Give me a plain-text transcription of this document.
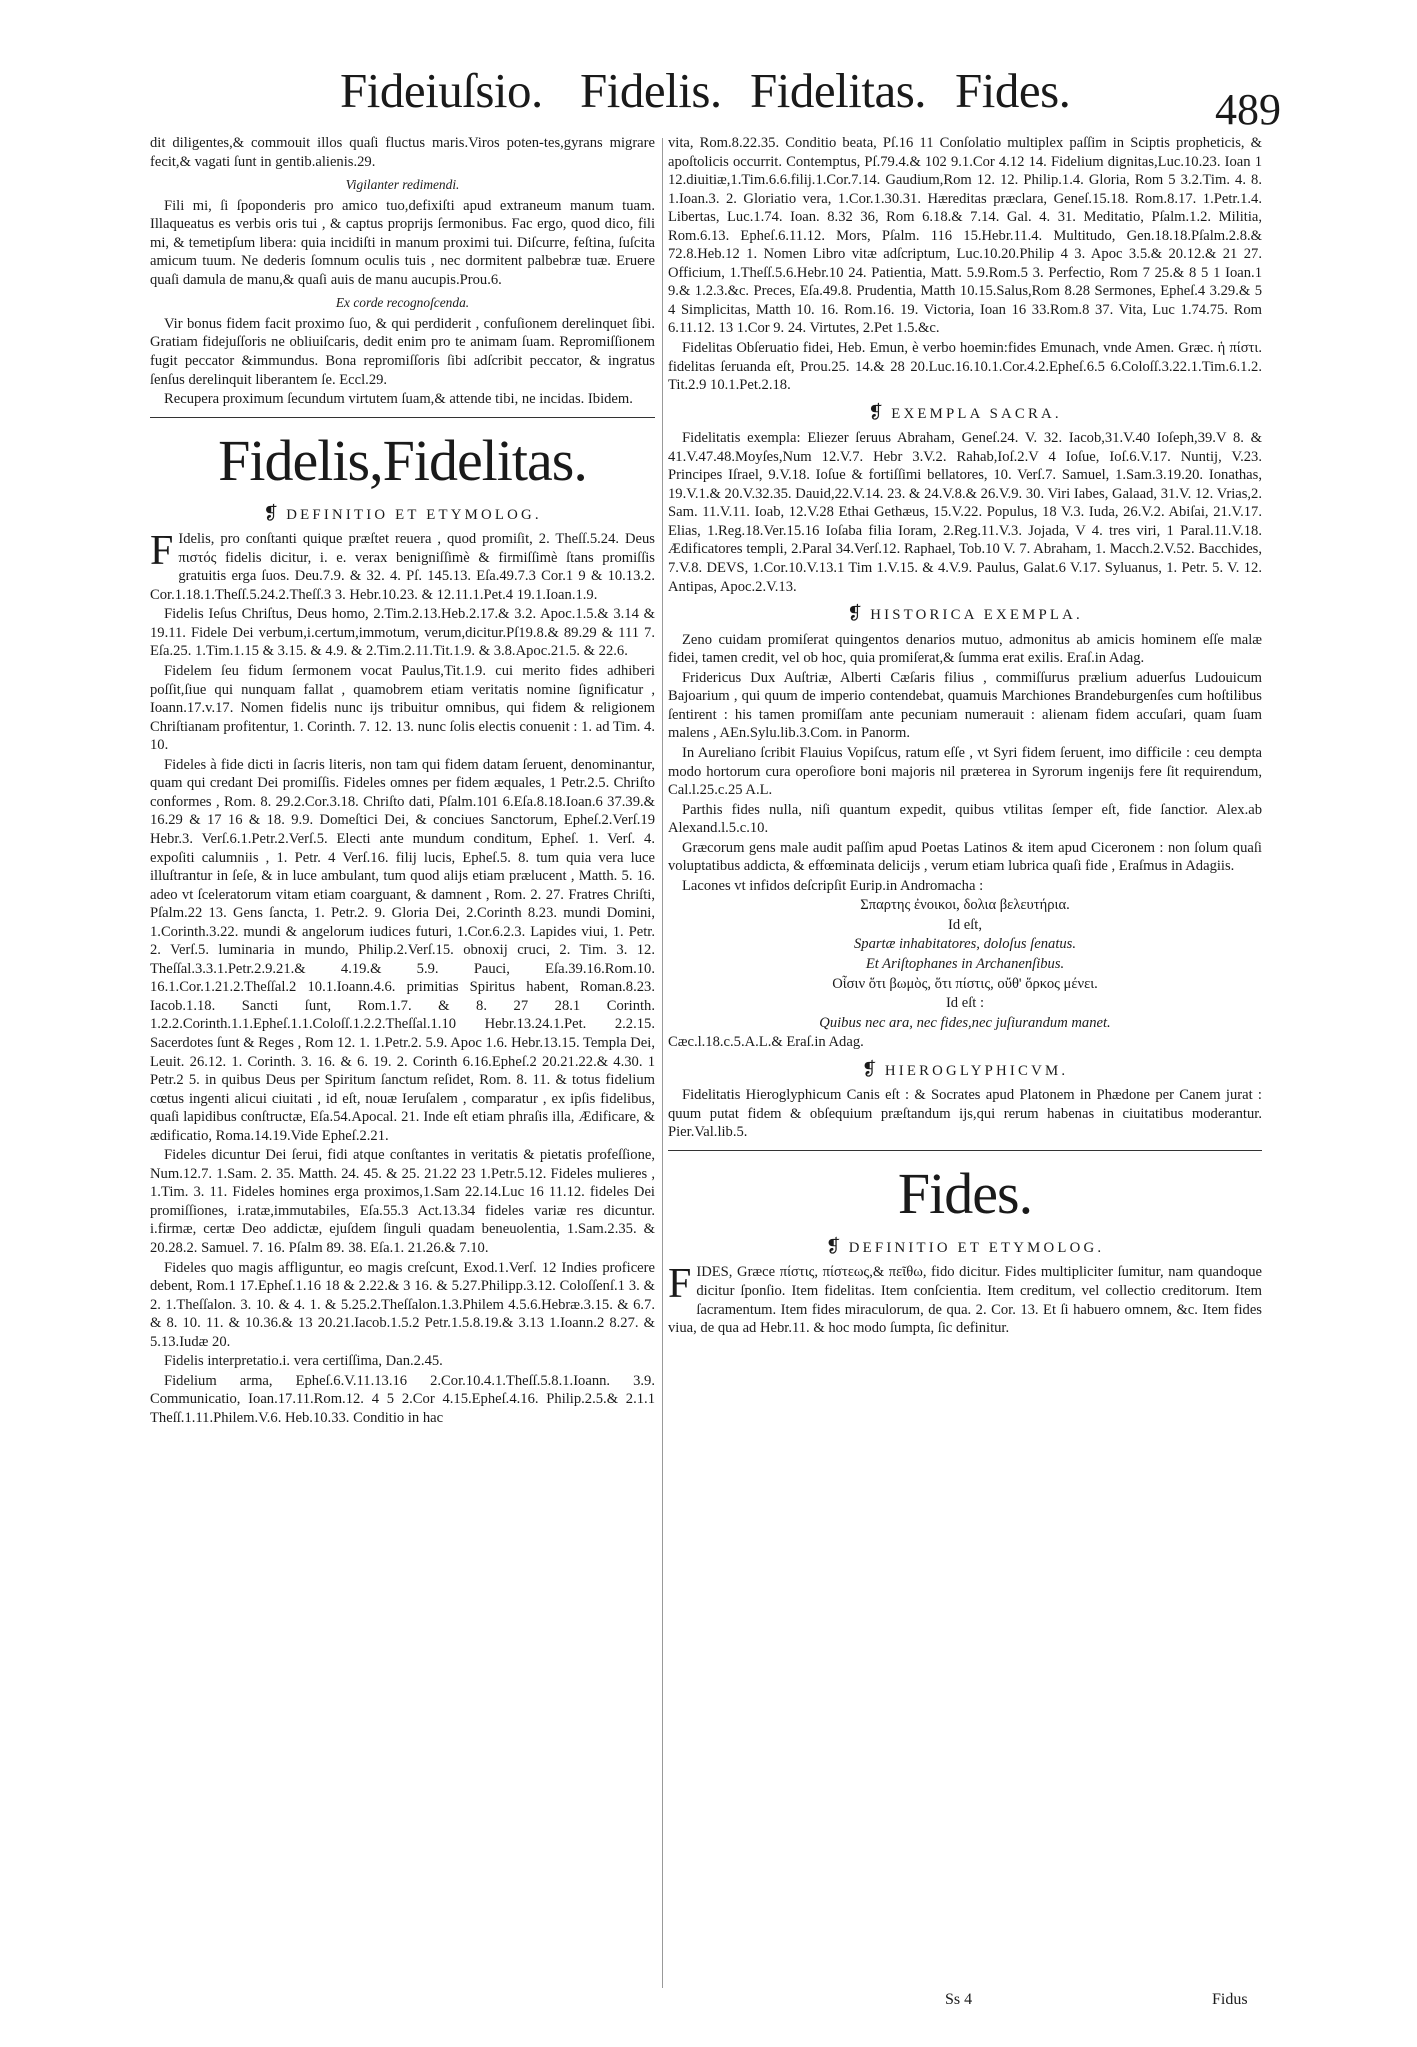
Fideiuſsio. Fidelis. Fidelitas. Fides.	489

dit diligentes,& commouit illos quaſi fluctus maris.Viros poten-tes,gyrans migrare fecit,& vagati ſunt in gentib.alienis.29.

Vigilanter redimendi.

Fili mi, ſi ſpoponderis pro amico tuo,defixiſti apud extraneum manum tuam. Illaqueatus es verbis oris tui , & captus proprijs ſermonibus. Fac ergo, quod dico, fili mi, & temetipſum libera: quia incidiſti in manum proximi tui. Diſcurre, feſtina, ſuſcita amicum tuum. Ne dederis ſomnum oculis tuis , nec dormitent palbebræ tuæ. Eruere quaſi damula de manu,& quaſi auis de manu aucupis.Prou.6.

Ex corde recognoſcenda.

Vir bonus fidem facit proximo ſuo, & qui perdiderit , confuſionem derelinquet ſibi. Gratiam fidejuſſoris ne obliuiſcaris, dedit enim pro te animam ſuam. Repromiſſionem fugit peccator &immundus. Bona repromiſſoris ſibi adſcribit peccator, & ingratus ſenſus derelinquit liberantem ſe. Eccl.29.

Recupera proximum ſecundum virtutem ſuam,& attende tibi, ne incidas. Ibidem.

Fidelis,Fidelitas.
❡ DEFINITIO ET ETYMOLOG.
F Idelis, pro conſtanti quique præſtet reuera , quod promiſit, 2. Theſſ.5.24. Deus πιστός fidelis dicitur, i. e. verax benigniſſimè & firmiſſimè ſtans promiſſis gratuitis erga ſuos. Deu.7.9. & 32. 4. Pſ. 145.13. Eſa.49.7.3 Cor.1 9 & 10.13.2. Cor.1.18.1.Theſſ.5.24.2.Theſſ.3 3. Hebr.10.23. & 12.11.1.Pet.4 19.1.Ioan.1.9.

Fidelis Ieſus Chriſtus, Deus homo, 2.Tim.2.13.Heb.2.17.& 3.2. Apoc.1.5.& 3.14 & 19.11. Fidele Dei verbum,i.certum,immotum, verum,dicitur.Pſ19.8.& 89.29 & 111 7. Eſa.25. 1.Tim.1.15 & 3.15. & 4.9. & 2.Tim.2.11.Tit.1.9. & 3.8.Apoc.21.5. & 22.6.

Fidelem ſeu fidum ſermonem vocat Paulus,Tit.1.9. cui merito fides adhiberi poſſit,ſiue qui nunquam fallat , quamobrem etiam veritatis nomine ſignificatur , Ioann.17.v.17. Nomen fidelis nunc ijs tribuitur omnibus, qui fidem & religionem Chriſtianam profitentur, 1. Corinth. 7. 12. 13. nunc ſolis electis conuenit : 1. ad Tim. 4. 10.

Fideles à fide dicti in ſacris literis, non tam qui fidem datam ſeruent, denominantur, quam qui credant Dei promiſſis. Fideles omnes per fidem æquales, 1 Petr.2.5. Chriſto conformes , Rom. 8. 29.2.Cor.3.18. Chriſto dati, Pſalm.101 6.Eſa.8.18.Ioan.6 37.39.& 16.29 & 17 16 & 18. 9.9. Domeſtici Dei, & conciues Sanctorum, Epheſ.2.Verſ.19 Hebr.3. Verſ.6.1.Petr.2.Verſ.5. Electi ante mundum conditum, Epheſ. 1. Verſ. 4. expoſiti calumniis , 1. Petr. 4 Verſ.16. filij lucis, Epheſ.5. 8. tum quia vera luce illuſtrantur in ſeſe, & in luce ambulant, tum quod alijs etiam prælucent , Matth. 5. 16. adeo vt ſceleratorum vitam etiam coarguant, & damnent , Rom. 2. 27. Fratres Chriſti, Pſalm.22 13. Gens ſancta, 1. Petr.2. 9. Gloria Dei, 2.Corinth 8.23. mundi Domini, 1.Corinth.3.22. mundi & angelorum iudices futuri, 1.Cor.6.2.3. Lapides viui, 1. Petr. 2. Verſ.5. luminaria in mundo, Philip.2.Verſ.15. obnoxij cruci, 2. Tim. 3. 12. Theſſal.3.3.1.Petr.2.9.21.& 4.19.& 5.9. Pauci, Eſa.39.16.Rom.10. 16.1.Cor.1.21.2.Theſſal.2 10.1.Ioann.4.6. primitias Spiritus habent, Roman.8.23. Iacob.1.18. Sancti ſunt, Rom.1.7. & 8. 27 28.1 Corinth. 1.2.2.Corinth.1.1.Epheſ.1.1.Coloſſ.1.2.2.Theſſal.1.10 Hebr.13.24.1.Pet. 2.2.15. Sacerdotes ſunt & Reges , Rom 12. 1. 1.Petr.2. 5.9. Apoc 1.6. Hebr.13.15. Templa Dei, Leuit. 26.12. 1. Corinth. 3. 16. & 6. 19. 2. Corinth 6.16.Epheſ.2 20.21.22.& 4.30. 1 Petr.2 5. in quibus Deus per Spiritum ſanctum reſidet, Rom. 8. 11. & totus fidelium cœtus ingenti alicui ciuitati , id eſt, nouæ Ieruſalem , comparatur , ex ipſis fidelibus, quaſi lapidibus conſtructæ, Eſa.54.Apocal. 21. Inde eſt etiam phraſis illa, Ædificare, & ædificatio, Roma.14.19.Vide Epheſ.2.21.

Fideles dicuntur Dei ſerui, fidi atque conſtantes in veritatis & pietatis profeſſione, Num.12.7. 1.Sam. 2. 35. Matth. 24. 45. & 25. 21.22 23 1.Petr.5.12. Fideles mulieres , 1.Tim. 3. 11. Fideles homines erga proximos,1.Sam 22.14.Luc 16 11.12. fideles Dei promiſſiones, i.ratæ,immutabiles, Eſa.55.3 Act.13.34 fideles variæ res dicuntur. i.firmæ, certæ Deo addictæ, ejuſdem ſinguli quadam beneuolentia, 1.Sam.2.35. & 20.28.2. Samuel. 7. 16. Pſalm 89. 38. Eſa.1. 21.26.& 7.10.

Fideles quo magis affliguntur, eo magis creſcunt, Exod.1.Verſ. 12 Indies proficere debent, Rom.1 17.Epheſ.1.16 18 & 2.22.& 3 16. & 5.27.Philipp.3.12. Coloſſenſ.1 3. & 2. 1.Theſſalon. 3. 10. & 4. 1. & 5.25.2.Theſſalon.1.3.Philem 4.5.6.Hebræ.3.15. & 6.7. & 8. 10. 11. & 10.36.& 13 20.21.Iacob.1.5.2 Petr.1.5.8.19.& 3.13 1.Ioann.2 8.27. & 5.13.Iudæ 20.

Fidelis interpretatio.i. vera certiſſima, Dan.2.45.

Fidelium arma, Epheſ.6.V.11.13.16 2.Cor.10.4.1.Theſſ.5.8.1.Ioann. 3.9. Communicatio, Ioan.17.11.Rom.12. 4 5 2.Cor 4.15.Epheſ.4.16. Philip.2.5.& 2.1.1 Theſſ.1.11.Philem.V.6. Heb.10.33. Conditio in hac

vita, Rom.8.22.35. Conditio beata, Pſ.16 11 Conſolatio multiplex paſſim in Sciptis propheticis, & apoſtolicis occurrit. Contemptus, Pſ.79.4.& 102 9.1.Cor 4.12 14. Fidelium dignitas,Luc.10.23. Ioan 1 12.diuitiæ,1.Tim.6.6.filij.1.Cor.7.14. Gaudium,Rom 12. 12. Philip.1.4. Gloria, Rom 5 3.2.Tim. 4. 8. 1.Ioan.3. 2. Gloriatio vera, 1.Cor.1.30.31. Hæreditas præclara, Geneſ.15.18. Rom.8.17. 1.Petr.1.4. Libertas, Luc.1.74. Ioan. 8.32 36, Rom 6.18.& 7.14. Gal. 4. 31. Meditatio, Pſalm.1.2. Militia, Rom.6.13. Epheſ.6.11.12. Mors, Pſalm. 116 15.Hebr.11.4. Multitudo, Gen.18.18.Pſalm.2.8.& 72.8.Heb.12 1. Nomen Libro vitæ adſcriptum, Luc.10.20.Philip 4 3. Apoc 3.5.& 20.12.& 21 27. Officium, 1.Theſſ.5.6.Hebr.10 24. Patientia, Matt. 5.9.Rom.5 3. Perfectio, Rom 7 25.& 8 5 1 Ioan.1 9.& 1.2.3.&c. Preces, Eſa.49.8. Prudentia, Matth 10.15.Salus,Rom 8.28 Sermones, Epheſ.4 3.29.& 5 4 Simplicitas, Matth 10. 16. Rom.16. 19. Victoria, Ioan 16 33.Rom.8 37. Vita, Luc 1.74.75. Rom 6.11.12. 13 1.Cor 9. 24. Virtutes, 2.Pet 1.5.&c.

Fidelitas Obſeruatio fidei, Heb. Emun, è verbo hoemin:fides Emunach, vnde Amen. Græc. ἡ πίστι. fidelitas ſeruanda eſt, Prou.25. 14.& 28 20.Luc.16.10.1.Cor.4.2.Epheſ.6.5 6.Coloſſ.3.22.1.Tim.6.1.2. Tit.2.9 10.1.Pet.2.18.

❡ EXEMPLA SACRA.

Fidelitatis exempla: Eliezer ſeruus Abraham, Geneſ.24. V. 32. Iacob,31.V.40 Ioſeph,39.V 8. & 41.V.47.48.Moyſes,Num 12.V.7. Hebr 3.V.2. Rahab,Ioſ.2.V 4 Ioſue, Ioſ.6.V.17. Nuntij, V.23. Principes Iſrael, 9.V.18. Ioſue & fortiſſimi bellatores, 10. Verſ.7. Samuel, 1.Sam.3.19.20. Ionathas, 19.V.1.& 20.V.32.35. Dauid,22.V.14. 23. & 24.V.8.& 26.V.9. 30. Viri Iabes, Galaad, 31.V. 12. Vrias,2. Sam. 11.V.11. Ioab, 12.V.28 Ethai Gethæus, 15.V.22. Populus, 18 V.3. Iuda, 26.V.2. Abiſai, 21.V.17. Elias, 1.Reg.18.Ver.15.16 Ioſaba filia Ioram, 2.Reg.11.V.3. Jojada, V 4. tres viri, 1 Paral.11.V.18. Ædificatores templi, 2.Paral 34.Verſ.12. Raphael, Tob.10 V. 7. Abraham, 1. Macch.2.V.52. Bacchides, 7.V.8. DEVS, 1.Cor.10.V.13.1 Tim 1.V.15. & 4.V.9. Paulus, Galat.6 V.17. Syluanus, 1. Petr. 5. V. 12. Antipas, Apoc.2.V.13.

❡ HISTORICA EXEMPLA.

Zeno cuidam promiſerat quingentos denarios mutuo, admonitus ab amicis hominem eſſe malæ fidei, tamen credit, vel ob hoc, quia promiſerat,& ſumma erat exilis. Eraſ.in Adag.

Fridericus Dux Auſtriæ, Alberti Cæſaris filius , commiſſurus prælium aduerſus Ludouicum Bajoarium , qui quum de imperio contendebat, quamuis Marchiones Brandeburgenſes cum hoſtilibus ſentirent : his tamen promiſſam ante pecuniam numerauit : alienam fidem accuſari, quam ſuam malens , AEn.Sylu.lib.3.Com. in Panorm.

In Aureliano ſcribit Flauius Vopiſcus, ratum eſſe , vt Syri fidem ſeruent, imo difficile : ceu dempta modo hortorum cura operoſiore boni majoris nil præterea in Syrorum ingenijs fere ſit requirendum, Cal.l.25.c.25 A.L.

Parthis fides nulla, niſi quantum expedit, quibus vtilitas ſemper eſt, fide ſanctior. Alex.ab Alexand.l.5.c.10.

Græcorum gens male audit paſſim apud Poetas Latinos & item apud Ciceronem : non ſolum quaſi voluptatibus addicta, & effœminata delicijs , verum etiam lubrica quaſi fide , Eraſmus in Adagiis.

Lacones vt infidos deſcripſit Eurip.in Andromacha :

Σπαρτης ἐνοικοι, δολια βελευτήρια.

Id eſt,

Spartæ inhabitatores, doloſus ſenatus.

Et Ariſtophanes in Archanenſibus.

Οἷσιν ὅτι βωμὸς, ὅτι πίστις, οὔθ' ὅρκος μένει.

Id eſt :

Quibus nec ara, nec fides,nec juſiurandum manet.

Cæc.l.18.c.5.A.L.& Eraſ.in Adag.

❡ HIEROGLYPHICVM.

Fidelitatis Hieroglyphicum Canis eſt : & Socrates apud Platonem in Phædone per Canem jurat : quum putat fidem & obſequium præſtandum ijs,qui rerum habenas in ciuitatibus moderantur. Pier.Val.lib.5.

Fides.
❡ DEFINITIO ET ETYMOLOG.
F IDES, Græce πίστις, πίστεως,& πεῖθω, fido dicitur. Fides multipliciter ſumitur, nam quandoque dicitur ſponſio. Item fidelitas. Item conſcientia. Item creditum, vel collectio creditorum. Item ſacramentum. Item fides miraculorum, de qua. 2. Cor. 13. Et ſi habuero omnem, &c. Item fides viua, de qua ad Hebr.11. & hoc modo ſumpta, ſic definitur.

Ss 4	Fidus
